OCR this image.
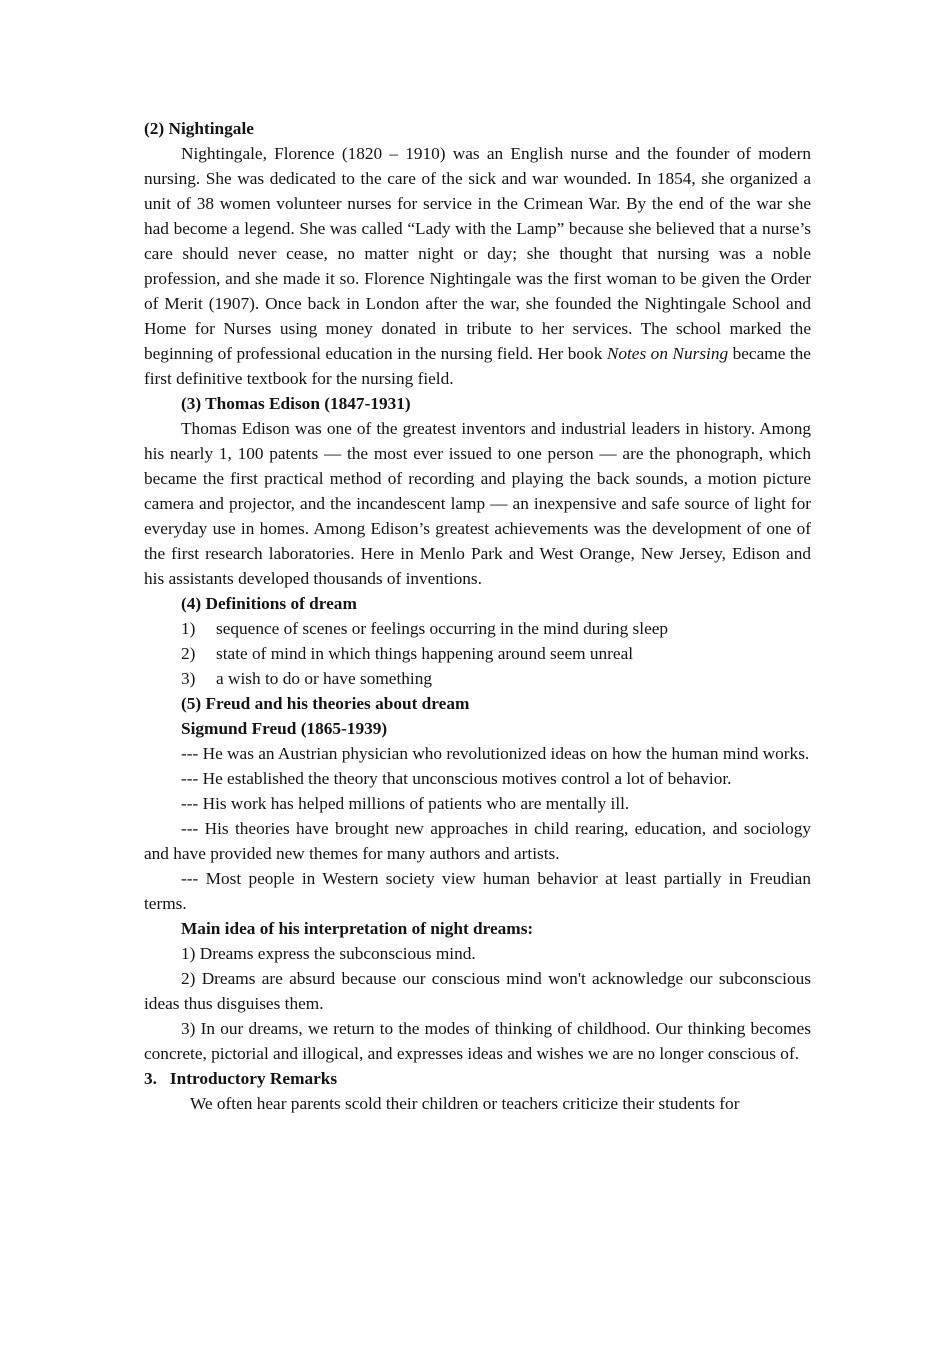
(2) Nightingale

Nightingale, Florence (1820 – 1910) was an English nurse and the founder of modern nursing. She was dedicated to the care of the sick and war wounded. In 1854, she organized a unit of 38 women volunteer nurses for service in the Crimean War. By the end of the war she had become a legend. She was called “Lady with the Lamp” because she believed that a nurse’s care should never cease, no matter night or day; she thought that nursing was a noble profession, and she made it so. Florence Nightingale was the first woman to be given the Order of Merit (1907). Once back in London after the war, she founded the Nightingale School and Home for Nurses using money donated in tribute to her services. The school marked the beginning of professional education in the nursing field. Her book Notes on Nursing became the first definitive textbook for the nursing field.

(3) Thomas Edison (1847-1931)

Thomas Edison was one of the greatest inventors and industrial leaders in history. Among his nearly 1, 100 patents — the most ever issued to one person — are the phonograph, which became the first practical method of recording and playing the back sounds, a motion picture camera and projector, and the incandescent lamp — an inexpensive and safe source of light for everyday use in homes. Among Edison’s greatest achievements was the development of one of the first research laboratories. Here in Menlo Park and West Orange, New Jersey, Edison and his assistants developed thousands of inventions.

(4) Definitions of dream

1)	sequence of scenes or feelings occurring in the mind during sleep
2)	state of mind in which things happening around seem unreal
3)	a wish to do or have something

(5) Freud and his theories about dream

Sigmund Freud (1865-1939)

--- He was an Austrian physician who revolutionized ideas on how the human mind works.

--- He established the theory that unconscious motives control a lot of behavior.

--- His work has helped millions of patients who are mentally ill.

--- His theories have brought new approaches in child rearing, education, and sociology and have provided new themes for many authors and artists.

--- Most people in Western society view human behavior at least partially in Freudian terms.

Main idea of his interpretation of night dreams:

1) Dreams express the subconscious mind.

2) Dreams are absurd because our conscious mind won't acknowledge our subconscious ideas thus disguises them.

3) In our dreams, we return to the modes of thinking of childhood. Our thinking becomes concrete, pictorial and illogical, and expresses ideas and wishes we are no longer conscious of.

3.   Introductory Remarks

We often hear parents scold their children or teachers criticize their students for
